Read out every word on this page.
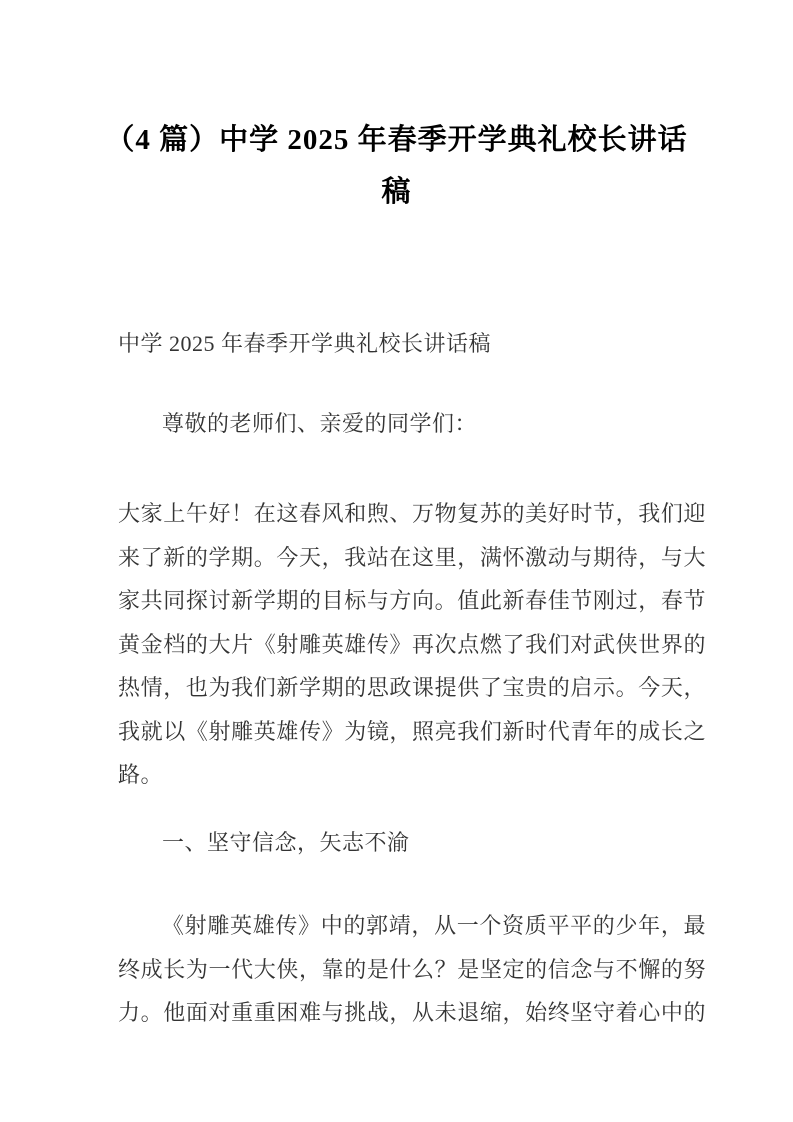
（4 篇）中学 2025 年春季开学典礼校长讲话
稿
中学 2025 年春季开学典礼校长讲话稿
尊敬的老师们、亲爱的同学们：
大家上午好！在这春风和煦、万物复苏的美好时节，我们迎
来了新的学期。今天，我站在这里，满怀激动与期待，与大
家共同探讨新学期的目标与方向。值此新春佳节刚过，春节
黄金档的大片《射雕英雄传》再次点燃了我们对武侠世界的
热情，也为我们新学期的思政课提供了宝贵的启示。今天，
我就以《射雕英雄传》为镜，照亮我们新时代青年的成长之
路。
一、坚守信念，矢志不渝
《射雕英雄传》中的郭靖，从一个资质平平的少年，最
终成长为一代大侠，靠的是什么？是坚定的信念与不懈的努
力。他面对重重困难与挑战，从未退缩，始终坚守着心中的
